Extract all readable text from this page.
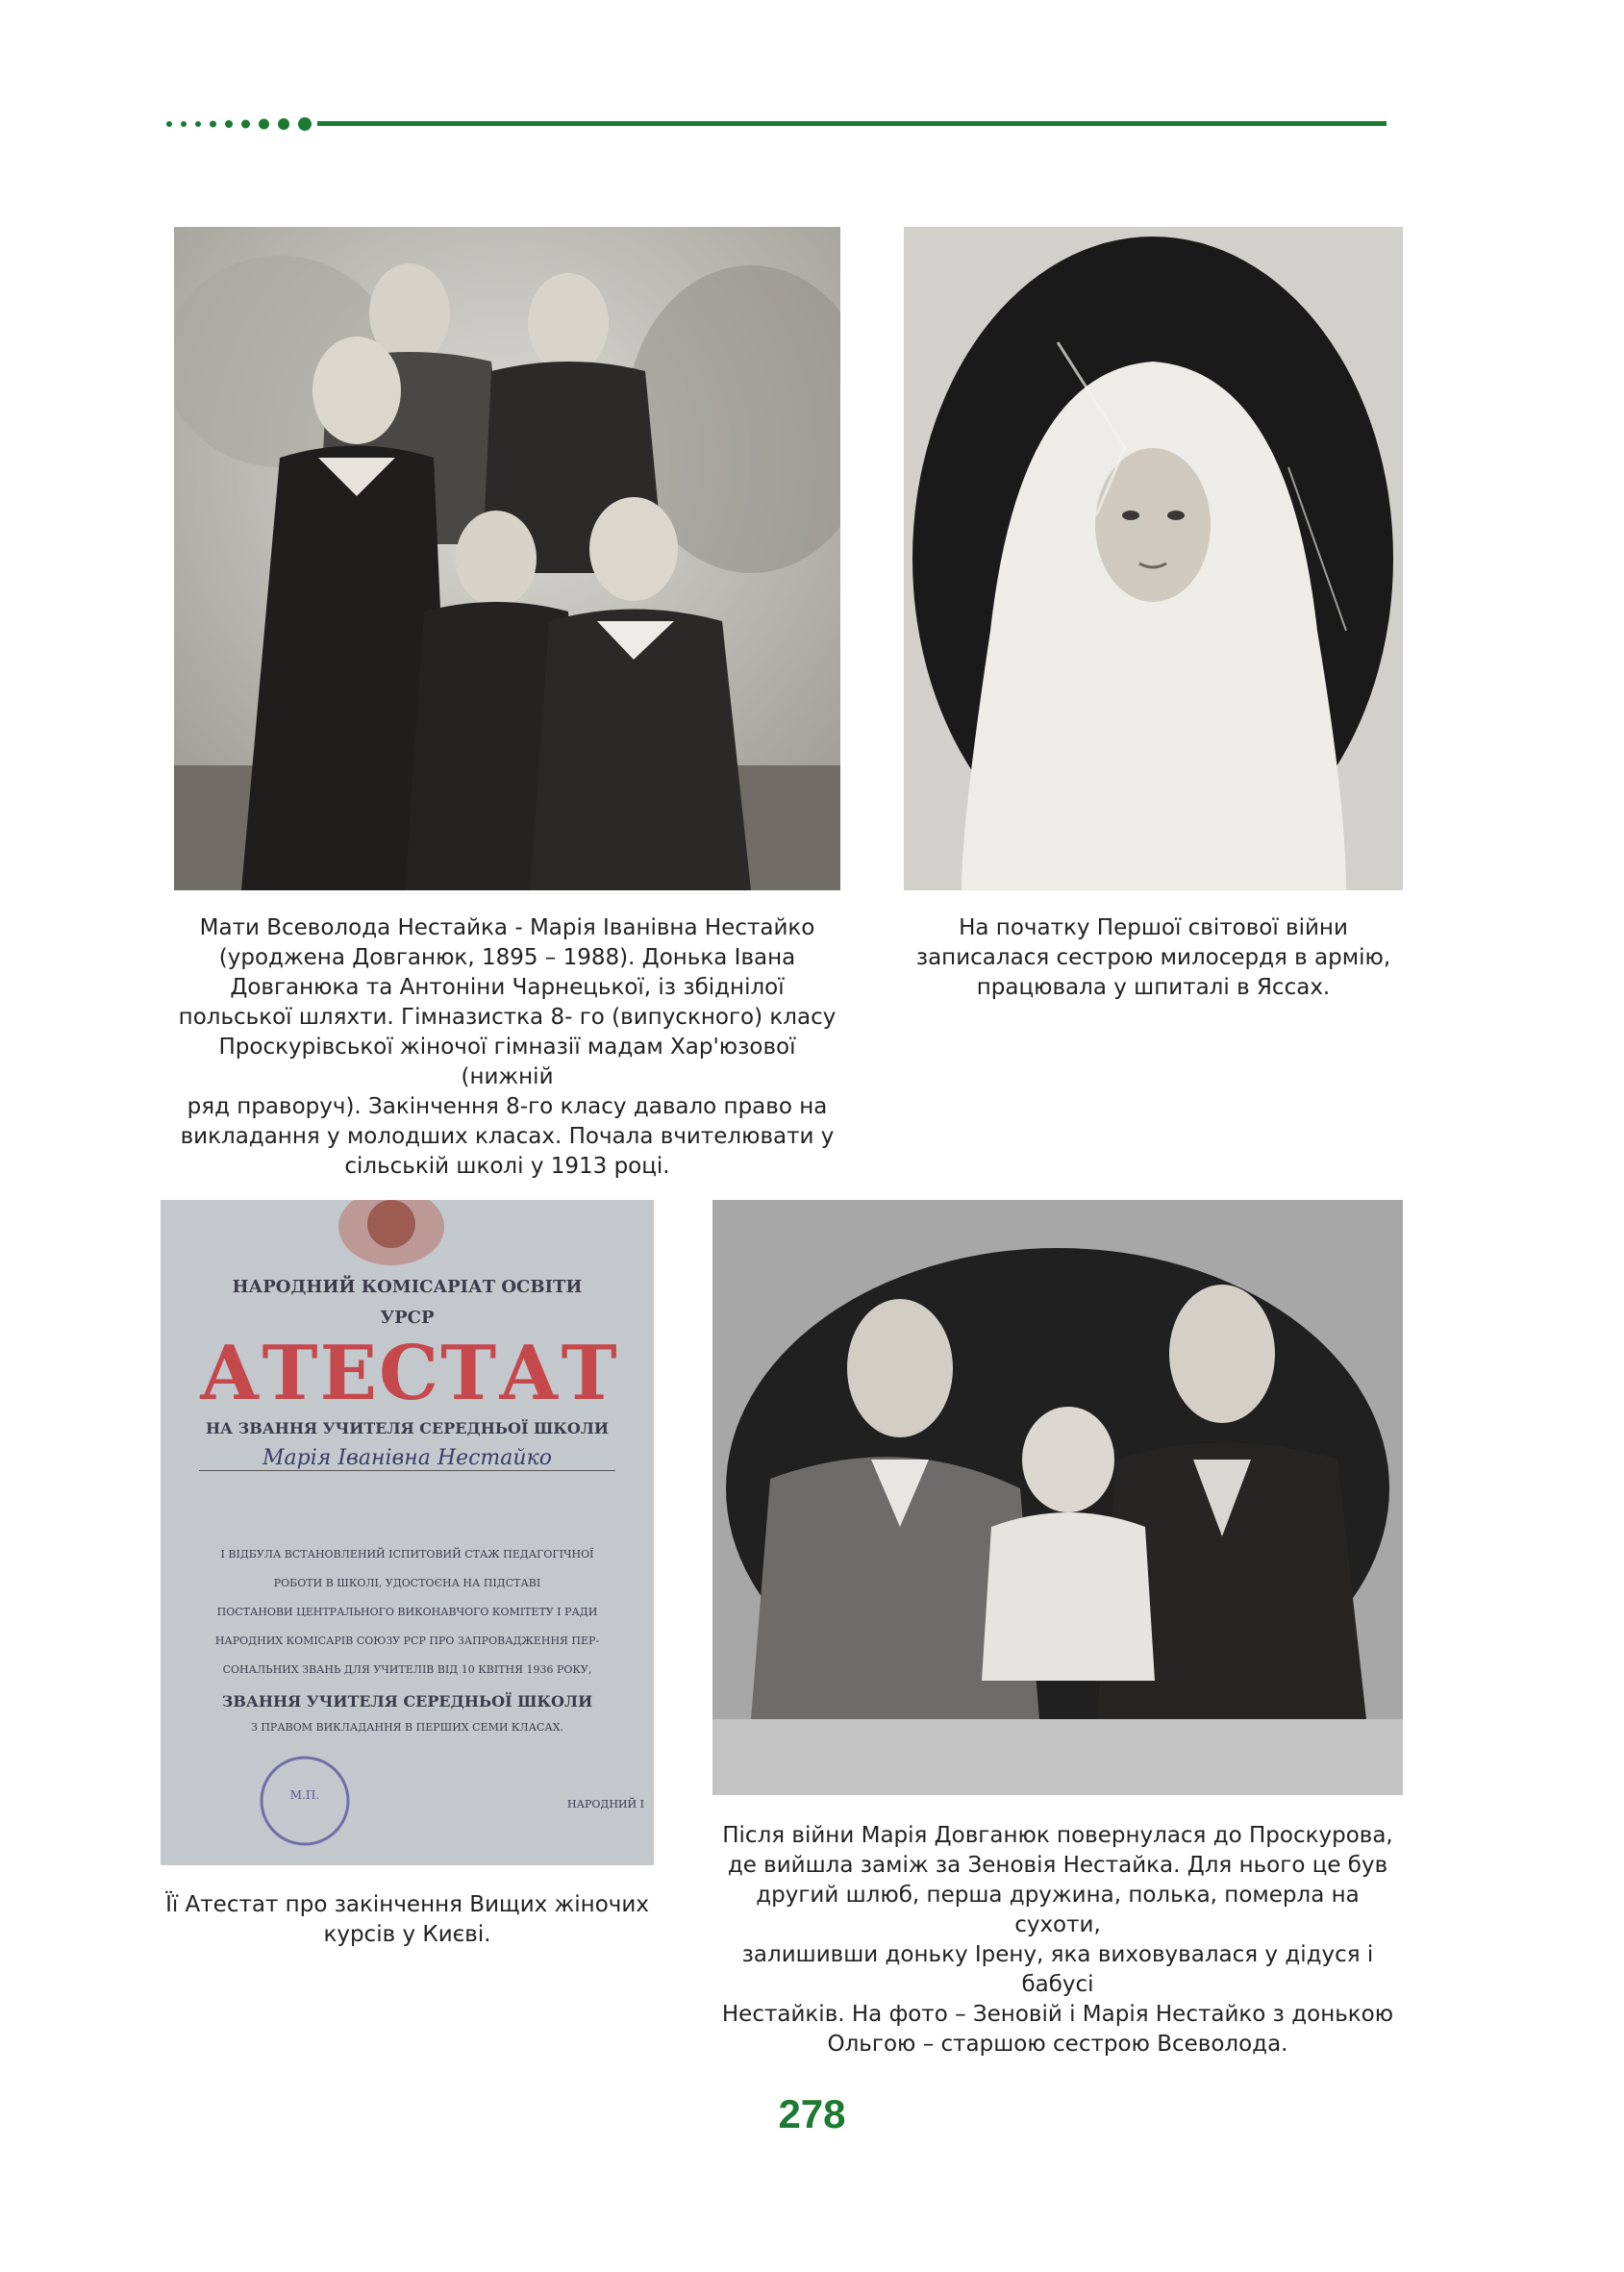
Мати Всеволода Нестайка - Марія Іванівна Нестайко
(уроджена Довганюк, 1895 – 1988). Донька Івана
Довганюка та Антоніни Чарнецької, із збіднілої
польської шляхти. Гімназистка 8- го (випускного) класу
Проскурівської жіночої гімназії мадам Хар'юзової (нижній
ряд праворуч). Закінчення 8-го класу давало право на
викладання у молодших класах. Почала вчителювати у
сільській школі у 1913 році.
На початку Першої світової війни
записалася сестрою милосердя в армію,
працювала у шпиталі в Яссах.
НАРОДНИЙ КОМІСАРІАТ ОСВІТИ
УРСР
АТЕСТАТ
НА ЗВАННЯ УЧИТЕЛЯ СЕРЕДНЬОЇ ШКОЛИ
Марія Іванівна Нестайко
І ВІДБУЛА ВСТАНОВЛЕНИЙ ІСПИТОВИЙ СТАЖ ПЕДАГОГІЧНОЇ
РОБОТИ В ШКОЛІ, УДОСТОЄНА НА ПІДСТАВІ
ПОСТАНОВИ ЦЕНТРАЛЬНОГО ВИКОНАВЧОГО КОМІТЕТУ І РАДИ
НАРОДНИХ КОМІСАРІВ СОЮЗУ РСР ПРО ЗАПРОВАДЖЕННЯ ПЕР-
СОНАЛЬНИХ ЗВАНЬ ДЛЯ УЧИТЕЛІВ ВІД 10 КВІТНЯ 1936 РОКУ,
ЗВАННЯ УЧИТЕЛЯ СЕРЕДНЬОЇ ШКОЛИ
З ПРАВОМ ВИКЛАДАННЯ В ПЕРШИХ СЕМИ КЛАСАХ.
М.П.
НАРОДНИЙ І
Її Атестат про закінчення Вищих жіночих
курсів у Києві.
Після війни Марія Довганюк повернулася до Проскурова,
де вийшла заміж за Зеновія Нестайка. Для нього це був
другий шлюб, перша дружина, полька, померла на сухоти,
залишивши доньку Ірену, яка виховувалася у дідуся і бабусі
Нестайків. На фото – Зеновій і Марія Нестайко з донькою
Ольгою – старшою сестрою Всеволода.
278
